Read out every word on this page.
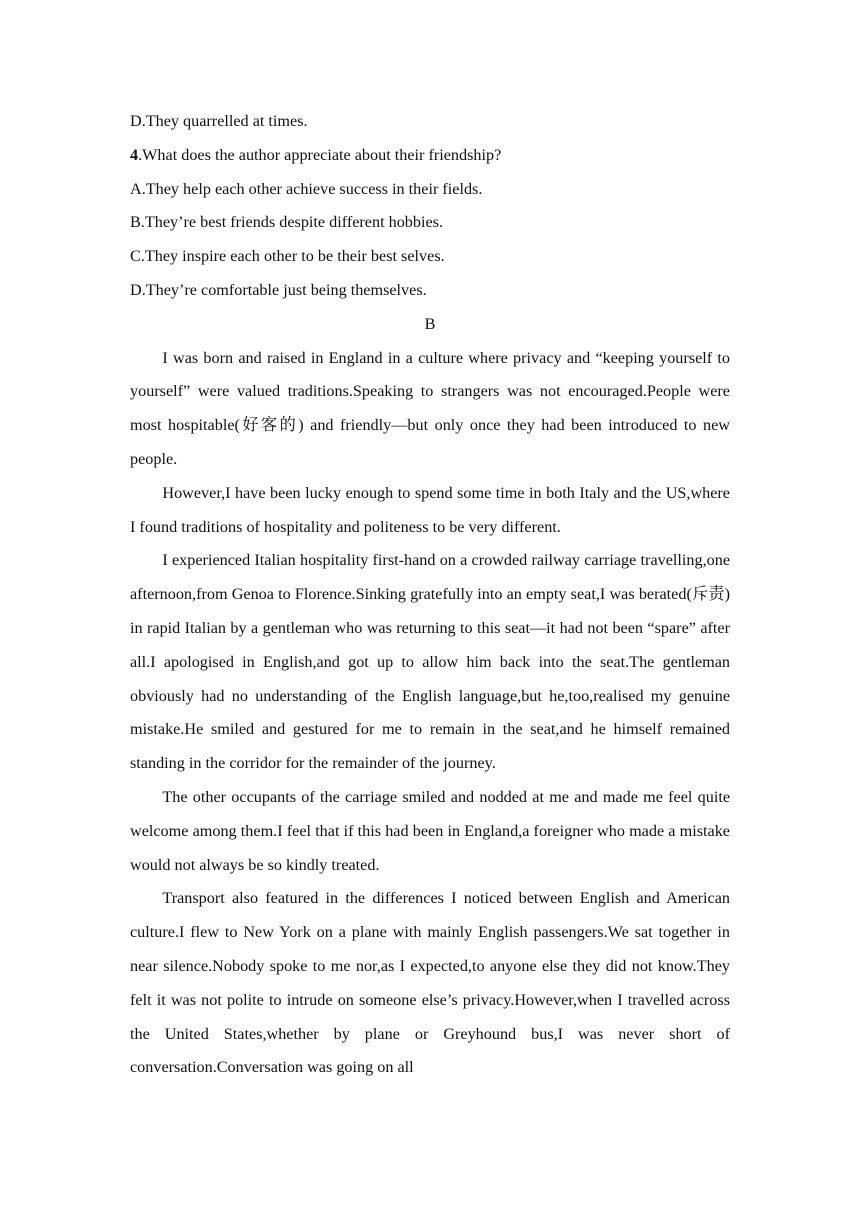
D.They quarrelled at times.

4.What does the author appreciate about their friendship?

A.They help each other achieve success in their fields.

B.They’re best friends despite different hobbies.

C.They inspire each other to be their best selves.

D.They’re comfortable just being themselves.

B

I was born and raised in England in a culture where privacy and “keeping yourself to yourself” were valued traditions.Speaking to strangers was not encouraged.People were most hospitable(好客的) and friendly—but only once they had been introduced to new people.

However,I have been lucky enough to spend some time in both Italy and the US,where I found traditions of hospitality and politeness to be very different.

I experienced Italian hospitality first-hand on a crowded railway carriage travelling,one afternoon,from Genoa to Florence.Sinking gratefully into an empty seat,I was berated(斥责) in rapid Italian by a gentleman who was returning to this seat—it had not been “spare” after all.I apologised in English,and got up to allow him back into the seat.The gentleman obviously had no understanding of the English language,but he,too,realised my genuine mistake.He smiled and gestured for me to remain in the seat,and he himself remained standing in the corridor for the remainder of the journey.

The other occupants of the carriage smiled and nodded at me and made me feel quite welcome among them.I feel that if this had been in England,a foreigner who made a mistake would not always be so kindly treated.

Transport also featured in the differences I noticed between English and American culture.I flew to New York on a plane with mainly English passengers.We sat together in near silence.Nobody spoke to me nor,as I expected,to anyone else they did not know.They felt it was not polite to intrude on someone else’s privacy.However,when I travelled across the United States,whether by plane or Greyhound bus,I was never short of conversation.Conversation was going on all
